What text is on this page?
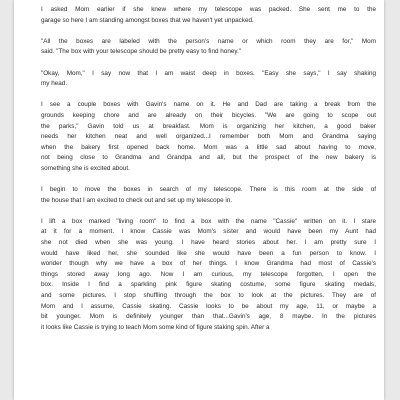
I asked Mom earlier if she knew where my telescope was packed. She sent me to the
garage so here I am standing amongst boxes that we haven't yet unpacked.
"All the boxes are labeled with the person's name or which room they are for," Mom
said. "The box with your telescope should be pretty easy to find honey."
"Okay, Mom," I say now that I am waist deep in boxes. "Easy she says," I say shaking
my head.
I see a couple boxes with Gavin's name on it. He and Dad are taking a break from the
grounds keeping chore and are already on their bicycles. "We are going to scope out
the parks," Gavin told us at breakfast. Mom is organizing her kitchen, a good baker
needs her kitchen neat and well organized...I remember both Mom and Grandma saying
when the bakery first opened back home. Mom was a little sad about having to move,
not being close to Grandma and Grandpa and all, but the prospect of the new bakery is
something she is excited about.
I begin to move the boxes in search of my telescope. There is this room at the side of
the house that I am excited to check out and set up my telescope in.
I lift a box marked "living room" to find a box with the name "Cassie" written on it. I stare
at it for a moment. I know Cassie was Mom's sister and would have been my Aunt had
she not died when she was young. I have heard stories about her. I am pretty sure I
would have liked her, she sounded like she would have been a fun person to know. I
wonder though why we have a box of her things. I know Grandma had most of Cassie's
things stored away long ago. Now I am curious, my telescope forgotten, I open the
box. Inside I find a sparkling pink figure skating costume, some figure skating medals,
and some pictures. I stop shuffling through the box to look at the pictures. They are of
Mom and I assume, Cassie skating. Cassie looks to be about my age, 11, or maybe a
bit younger. Mom is definitely younger than that...Gavin's age, 8 maybe. In the pictures
it looks like Cassie is trying to teach Mom some kind of figure staking spin. After a
